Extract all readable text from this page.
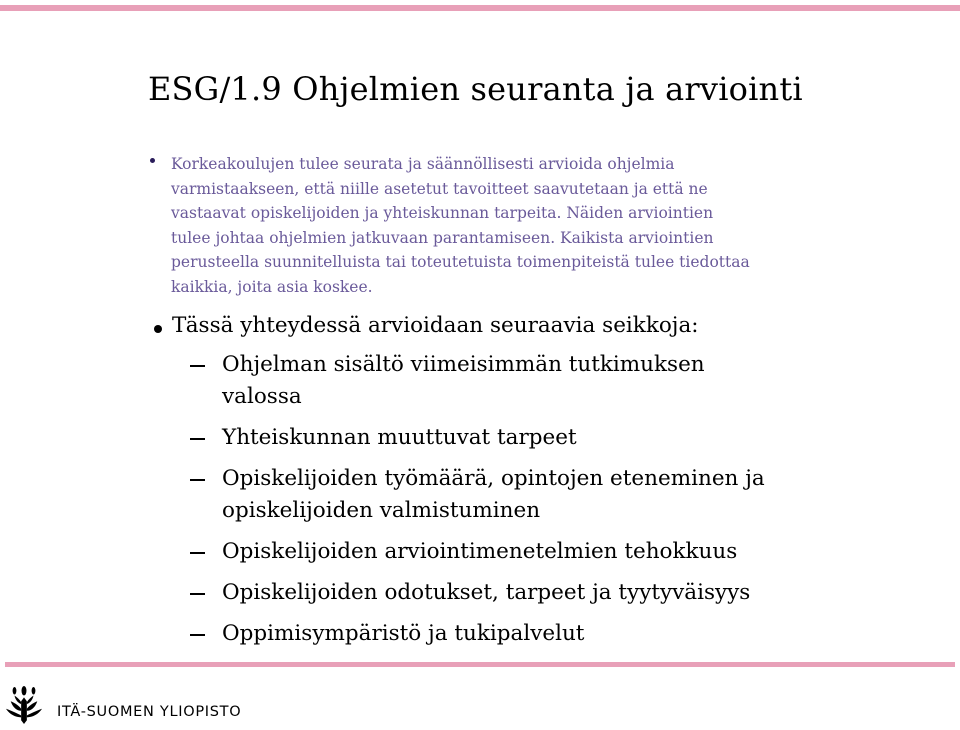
ESG/1.9 Ohjelmien seuranta ja arviointi
Korkeakoulujen tulee seurata ja säännöllisesti arvioida ohjelmia
varmistaakseen, että niille asetetut tavoitteet saavutetaan ja että ne
vastaavat opiskelijoiden ja yhteiskunnan tarpeita. Näiden arviointien
tulee johtaa ohjelmien jatkuvaan parantamiseen. Kaikista arviointien
perusteella suunnitelluista tai toteutetuista toimenpiteistä tulee tiedottaa
kaikkia, joita asia koskee.
Tässä yhteydessä arvioidaan seuraavia seikkoja:
Ohjelman sisältö viimeisimmän tutkimuksen
valossa
Yhteiskunnan muuttuvat tarpeet
Opiskelijoiden työmäärä, opintojen eteneminen ja
opiskelijoiden valmistuminen
Opiskelijoiden arviointimenetelmien tehokkuus
Opiskelijoiden odotukset, tarpeet ja tyytyväisyys
Oppimisympäristö ja tukipalvelut
ITÄ-SUOMEN YLIOPISTO
